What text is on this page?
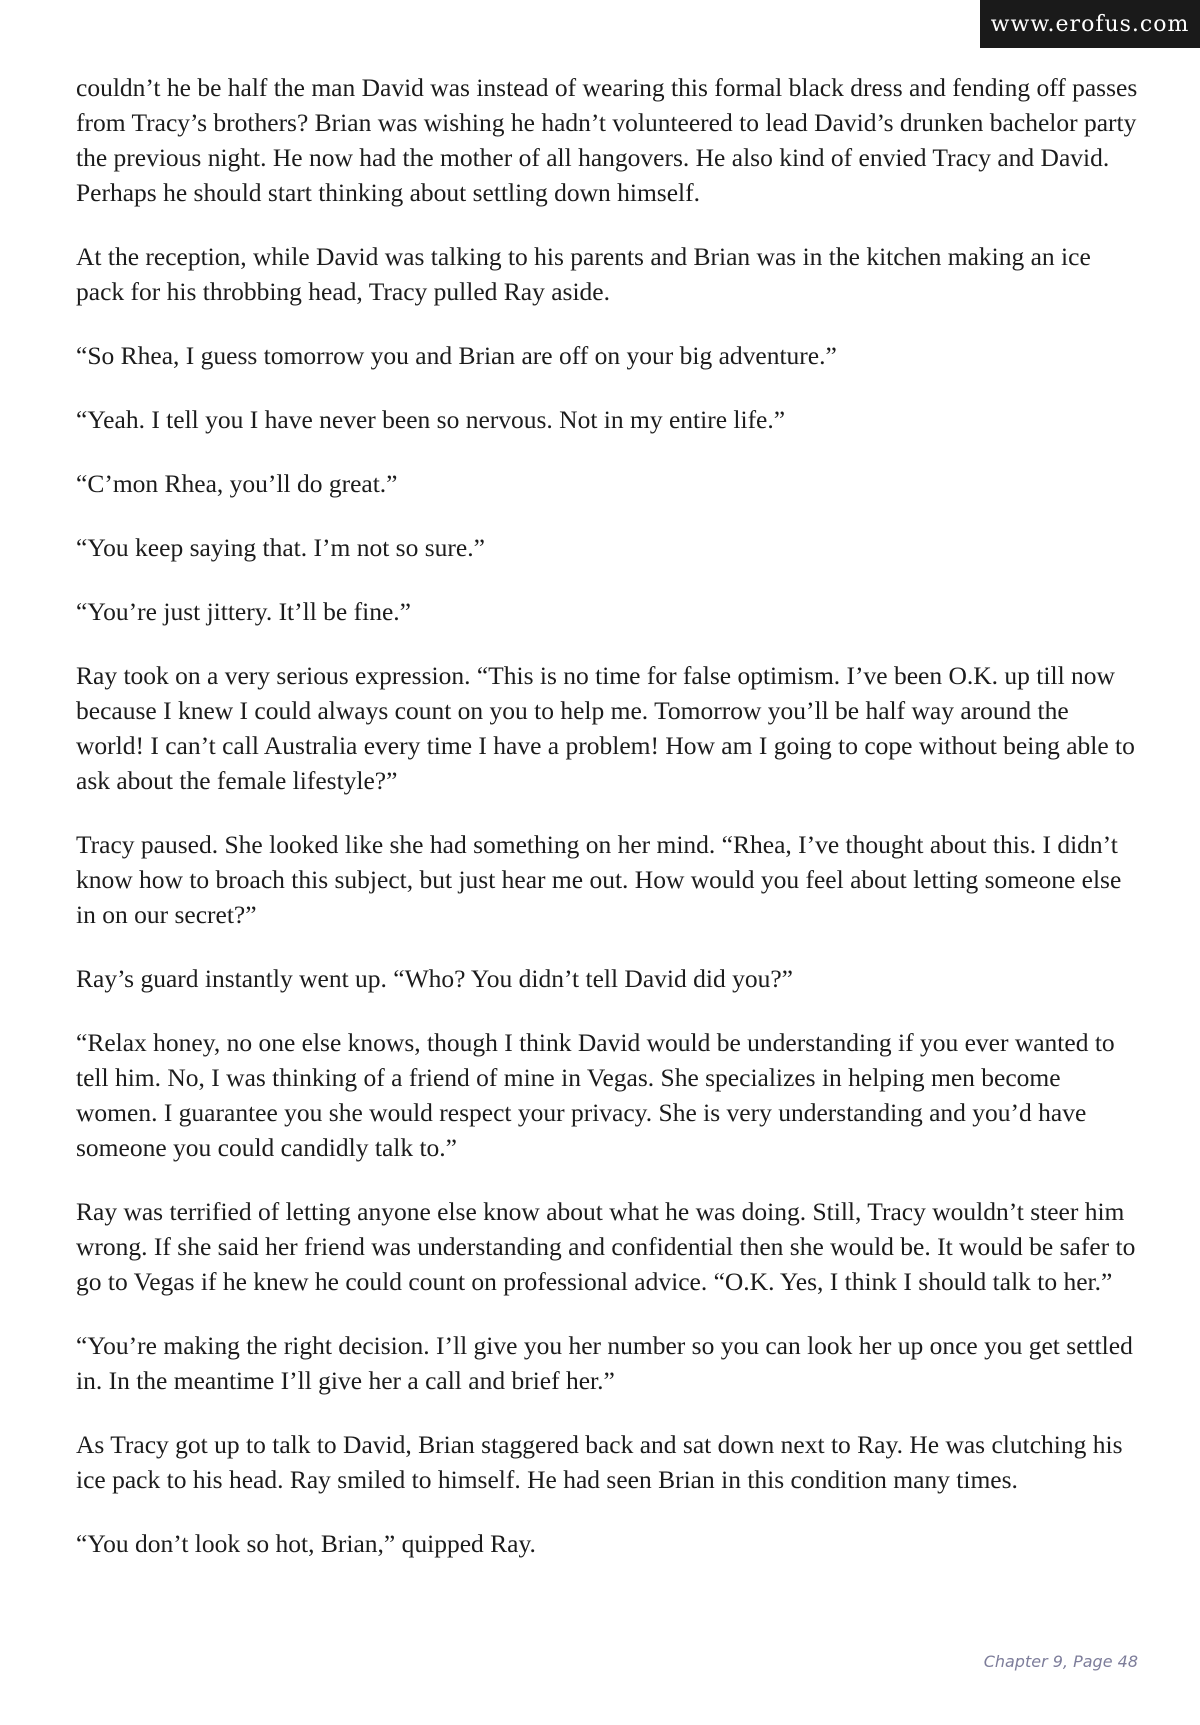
www.erofus.com

couldn’t he be half the man David was instead of wearing this formal black dress and fending off passes from Tracy’s brothers? Brian was wishing he hadn’t volunteered to lead David’s drunken bachelor party the previous night. He now had the mother of all hangovers. He also kind of envied Tracy and David. Perhaps he should start thinking about settling down himself.

At the reception, while David was talking to his parents and Brian was in the kitchen making an ice pack for his throbbing head, Tracy pulled Ray aside.

“So Rhea, I guess tomorrow you and Brian are off on your big adventure.”

“Yeah. I tell you I have never been so nervous. Not in my entire life.”

“C’mon Rhea, you’ll do great.”

“You keep saying that. I’m not so sure.”

“You’re just jittery. It’ll be fine.”

Ray took on a very serious expression. “This is no time for false optimism. I’ve been O.K. up till now because I knew I could always count on you to help me. Tomorrow you’ll be half way around the world! I can’t call Australia every time I have a problem! How am I going to cope without being able to ask about the female lifestyle?”

Tracy paused. She looked like she had something on her mind. “Rhea, I’ve thought about this. I didn’t know how to broach this subject, but just hear me out. How would you feel about letting someone else in on our secret?”

Ray’s guard instantly went up. “Who? You didn’t tell David did you?”

“Relax honey, no one else knows, though I think David would be understanding if you ever wanted to tell him. No, I was thinking of a friend of mine in Vegas. She specializes in helping men become women. I guarantee you she would respect your privacy. She is very understanding and you’d have someone you could candidly talk to.”

Ray was terrified of letting anyone else know about what he was doing. Still, Tracy wouldn’t steer him wrong. If she said her friend was understanding and confidential then she would be. It would be safer to go to Vegas if he knew he could count on professional advice. “O.K. Yes, I think I should talk to her.”

“You’re making the right decision. I’ll give you her number so you can look her up once you get settled in. In the meantime I’ll give her a call and brief her.”

As Tracy got up to talk to David, Brian staggered back and sat down next to Ray. He was clutching his ice pack to his head. Ray smiled to himself. He had seen Brian in this condition many times.

“You don’t look so hot, Brian,” quipped Ray.

Chapter 9, Page 48
